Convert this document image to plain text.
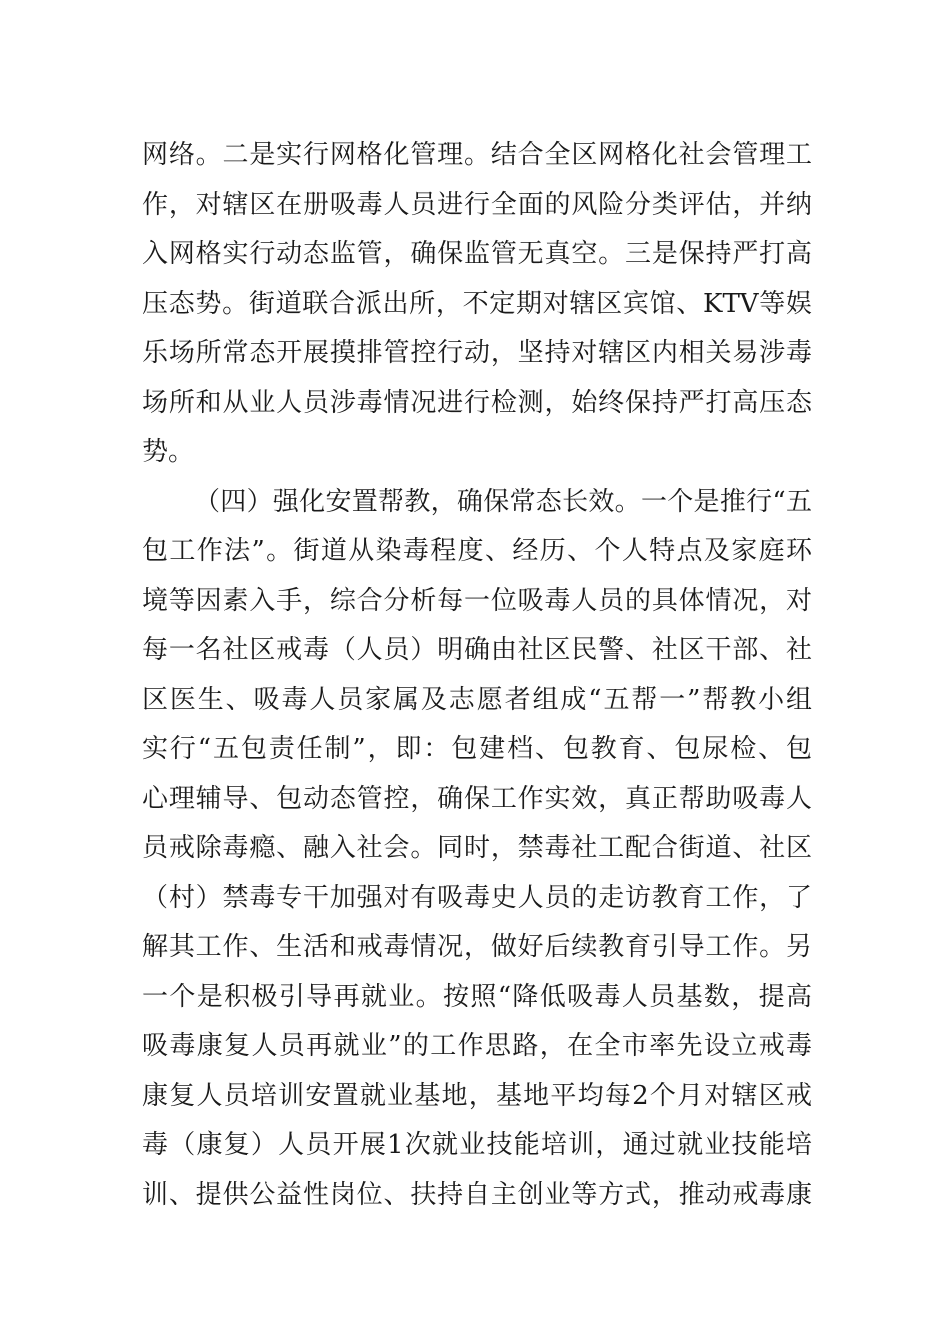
网络。二是实行网格化管理。结合全区网格化社会管理工
作，对辖区在册吸毒人员进行全面的风险分类评估，并纳
入网格实行动态监管，确保监管无真空。三是保持严打高
压态势。街道联合派出所，不定期对辖区宾馆、KTV等娱
乐场所常态开展摸排管控行动，坚持对辖区内相关易涉毒
场所和从业人员涉毒情况进行检测，始终保持严打高压态
势。
（四）强化安置帮教，确保常态长效。一个是推行“五
包工作法”。街道从染毒程度、经历、个人特点及家庭环
境等因素入手，综合分析每一位吸毒人员的具体情况，对
每一名社区戒毒（人员）明确由社区民警、社区干部、社
区医生、吸毒人员家属及志愿者组成“五帮一”帮教小组
实行“五包责任制”，即：包建档、包教育、包尿检、包
心理辅导、包动态管控，确保工作实效，真正帮助吸毒人
员戒除毒瘾、融入社会。同时，禁毒社工配合街道、社区
（村）禁毒专干加强对有吸毒史人员的走访教育工作，了
解其工作、生活和戒毒情况，做好后续教育引导工作。另
一个是积极引导再就业。按照“降低吸毒人员基数，提高
吸毒康复人员再就业”的工作思路，在全市率先设立戒毒
康复人员培训安置就业基地，基地平均每2个月对辖区戒
毒（康复）人员开展1次就业技能培训，通过就业技能培
训、提供公益性岗位、扶持自主创业等方式，推动戒毒康
